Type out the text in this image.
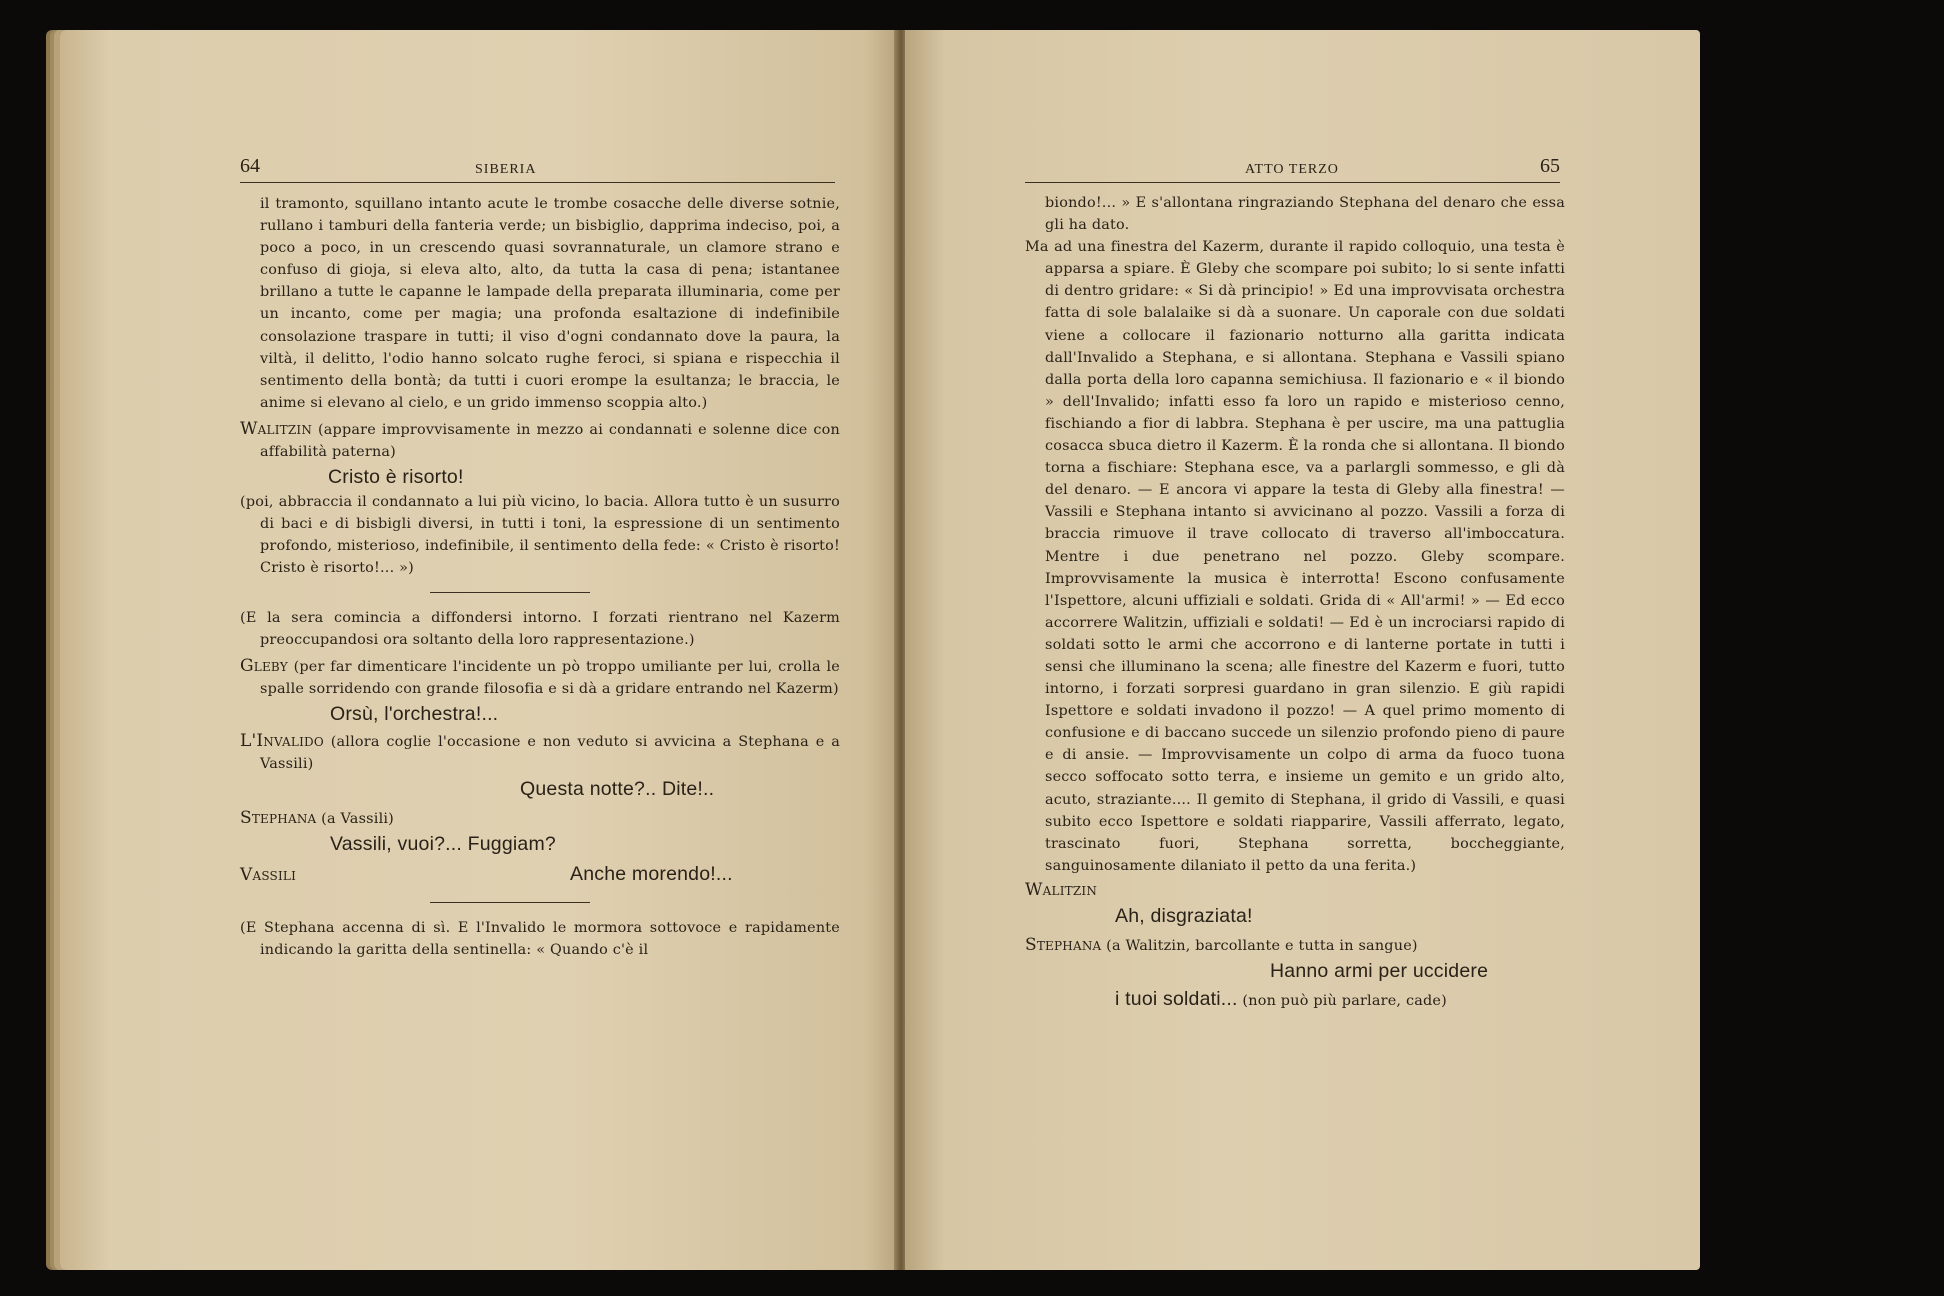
64	SIBERIA

il tramonto, squillano intanto acute le trombe cosacche delle diverse sotnie, rullano i tamburi della fanteria verde; un bisbiglio, dapprima indeciso, poi, a poco a poco, in un crescendo quasi sovrannaturale, un clamore strano e confuso di gioja, si eleva alto, alto, da tutta la casa di pena; istantanee brillano a tutte le capanne le lampade della preparata illuminaria, come per un incanto, come per magia; una profonda esaltazione di indefinibile consolazione traspare in tutti; il viso d'ogni condannato dove la paura, la viltà, il delitto, l'odio hanno solcato rughe feroci, si spiana e rispecchia il sentimento della bontà; da tutti i cuori erompe la esultanza; le braccia, le anime si elevano al cielo, e un grido immenso scoppia alto.)

Walitzin (appare improvvisamente in mezzo ai condannati e solenne dice con affabilità paterna)

Cristo è risorto!

(poi, abbraccia il condannato a lui più vicino, lo bacia. Allora tutto è un susurro di baci e di bisbigli diversi, in tutti i toni, la espressione di un sentimento profondo, misterioso, indefinibile, il sentimento della fede: « Cristo è risorto! Cristo è risorto!... »)

(E la sera comincia a diffondersi intorno. I forzati rientrano nel Kazerm preoccupandosi ora soltanto della loro rappresentazione.)

Gleby (per far dimenticare l'incidente un pò troppo umiliante per lui, crolla le spalle sorridendo con grande filosofia e si dà a gridare entrando nel Kazerm)

Orsù, l'orchestra!...

L'Invalido (allora coglie l'occasione e non veduto si avvicina a Stephana e a Vassili)

Questa notte?.. Dite!..

Stephana (a Vassili)

Vassili, vuoi?... Fuggiam?
Vassili	Anche morendo!...

(E Stephana accenna di sì. E l'Invalido le mormora sottovoce e rapidamente indicando la garitta della sentinella: « Quando c'è il

ATTO TERZO	65

biondo!... » E s'allontana ringraziando Stephana del denaro che essa gli ha dato.

Ma ad una finestra del Kazerm, durante il rapido colloquio, una testa è apparsa a spiare. È Gleby che scompare poi subito; lo si sente infatti di dentro gridare: « Si dà principio! » Ed una improvvisata orchestra fatta di sole balalaike si dà a suonare. Un caporale con due soldati viene a collocare il fazionario notturno alla garitta indicata dall'Invalido a Stephana, e si allontana. Stephana e Vassili spiano dalla porta della loro capanna semichiusa. Il fazionario e « il biondo » dell'Invalido; infatti esso fa loro un rapido e misterioso cenno, fischiando a fior di labbra. Stephana è per uscire, ma una pattuglia cosacca sbuca dietro il Kazerm. È la ronda che si allontana. Il biondo torna a fischiare: Stephana esce, va a parlargli sommesso, e gli dà del denaro. — E ancora vi appare la testa di Gleby alla finestra! — Vassili e Stephana intanto si avvicinano al pozzo. Vassili a forza di braccia rimuove il trave collocato di traverso all'imboccatura. Mentre i due penetrano nel pozzo. Gleby scompare. Improvvisamente la musica è interrotta! Escono confusamente l'Ispettore, alcuni uffiziali e soldati. Grida di « All'armi! » — Ed ecco accorrere Walitzin, uffiziali e soldati! — Ed è un incrociarsi rapido di soldati sotto le armi che accorrono e di lanterne portate in tutti i sensi che illuminano la scena; alle finestre del Kazerm e fuori, tutto intorno, i forzati sorpresi guardano in gran silenzio. E giù rapidi Ispettore e soldati invadono il pozzo! — A quel primo momento di confusione e di baccano succede un silenzio profondo pieno di paure e di ansie. — Improvvisamente un colpo di arma da fuoco tuona secco soffocato sotto terra, e insieme un gemito e un grido alto, acuto, straziante.... Il gemito di Stephana, il grido di Vassili, e quasi subito ecco Ispettore e soldati riapparire, Vassili afferrato, legato, trascinato fuori, Stephana sorretta, boccheggiante, sanguinosamente dilaniato il petto da una ferita.)

Walitzin

Ah, disgraziata!

Stephana (a Walitzin, barcollante e tutta in sangue)

Hanno armi per uccidere
i tuoi soldati... (non può più parlare, cade)
